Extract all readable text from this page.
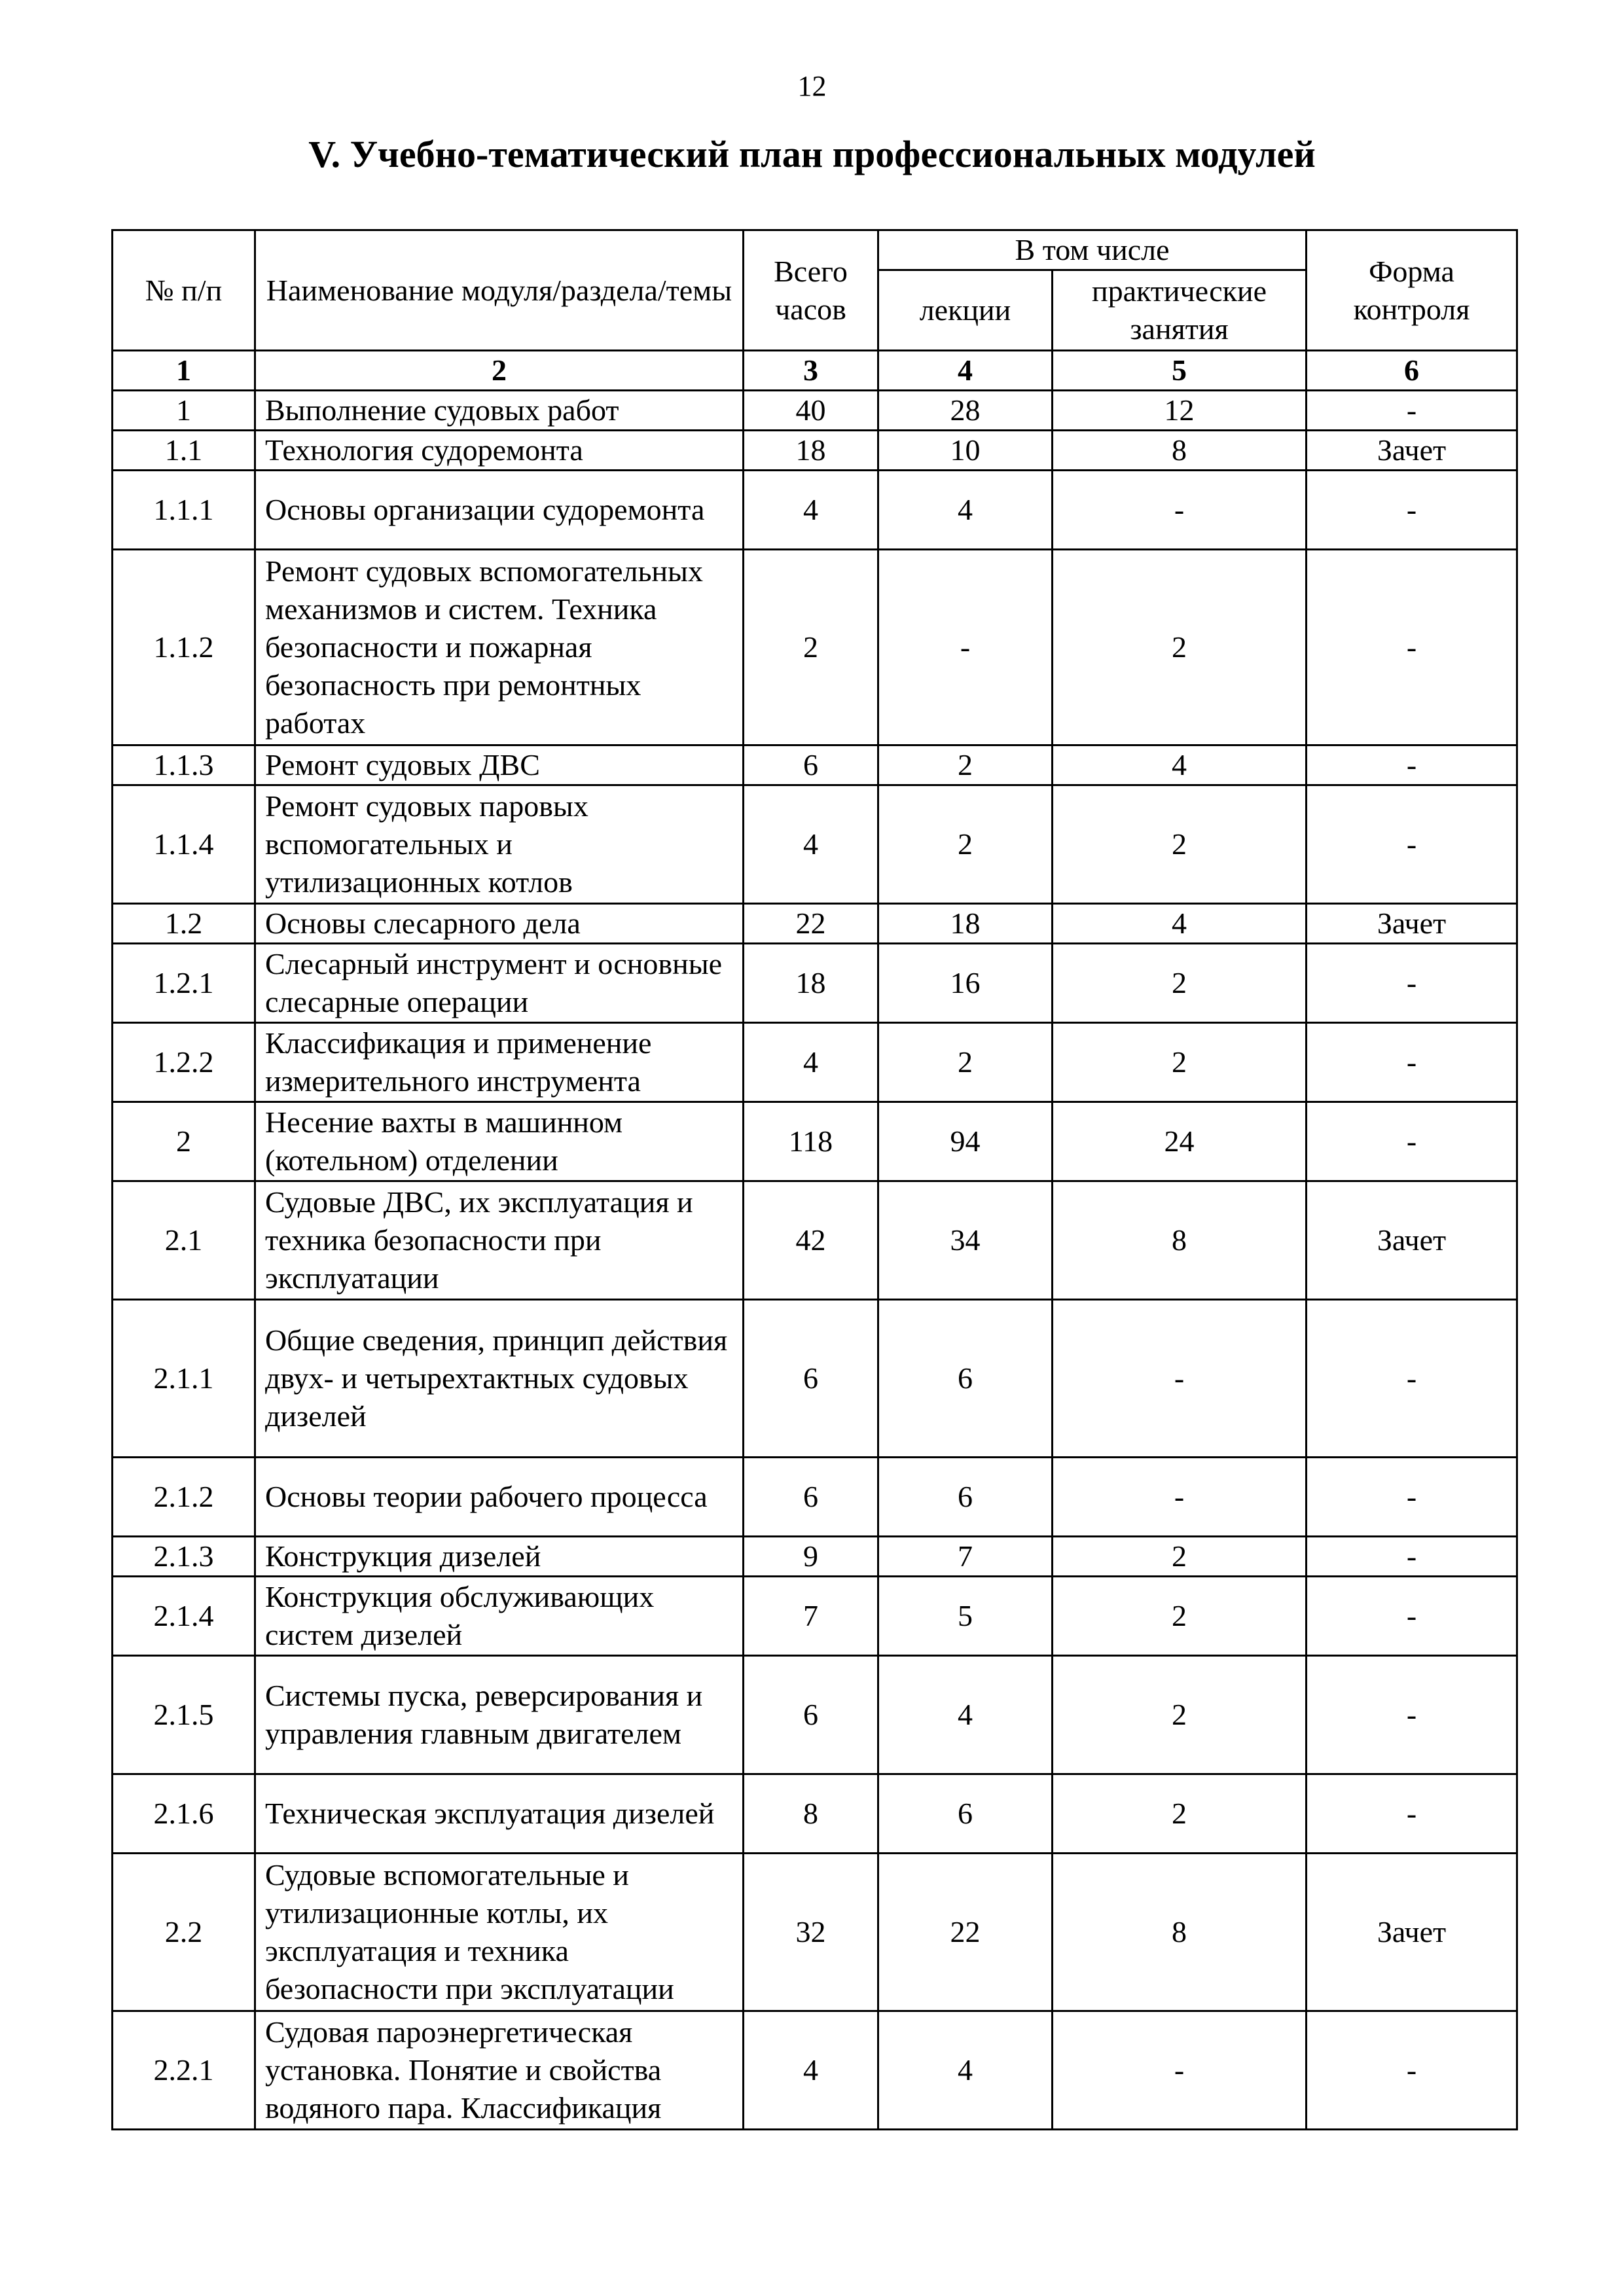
12
V. Учебно-тематический план профессиональных модулей
№ п/п	Наименование модуля/раздела/темы	Всего часов	В том числе		Форма контроля
			лекции	практические занятия	
1	2	3	4	5	6
1	Выполнение судовых работ	40	28	12	-
1.1	Технология судоремонта	18	10	8	Зачет
1.1.1	Основы организации судоремонта	4	4	-	-
1.1.2	Ремонт судовых вспомогательных механизмов и систем. Техника безопасности и пожарная безопасность при ремонтных работах	2	-	2	-
1.1.3	Ремонт судовых ДВС	6	2	4	-
1.1.4	Ремонт судовых паровых вспомогательных и утилизационных котлов	4	2	2	-
1.2	Основы слесарного дела	22	18	4	Зачет
1.2.1	Слесарный инструмент и основные слесарные операции	18	16	2	-
1.2.2	Классификация и применение измерительного инструмента	4	2	2	-
2	Несение вахты в машинном (котельном) отделении	118	94	24	-
2.1	Судовые ДВС, их эксплуатация и техника безопасности при эксплуатации	42	34	8	Зачет
2.1.1	Общие сведения, принцип действия двух- и четырехтактных судовых дизелей	6	6	-	-
2.1.2	Основы теории рабочего процесса	6	6	-	-
2.1.3	Конструкция дизелей	9	7	2	-
2.1.4	Конструкция обслуживающих систем дизелей	7	5	2	-
2.1.5	Системы пуска, реверсирования и управления главным двигателем	6	4	2	-
2.1.6	Техническая эксплуатация дизелей	8	6	2	-
2.2	Судовые вспомогательные и утилизационные котлы, их эксплуатация и техника безопасности при эксплуатации	32	22	8	Зачет
2.2.1	Судовая пароэнергетическая установка. Понятие и свойства водяного пара. Классификация	4	4	-	-
